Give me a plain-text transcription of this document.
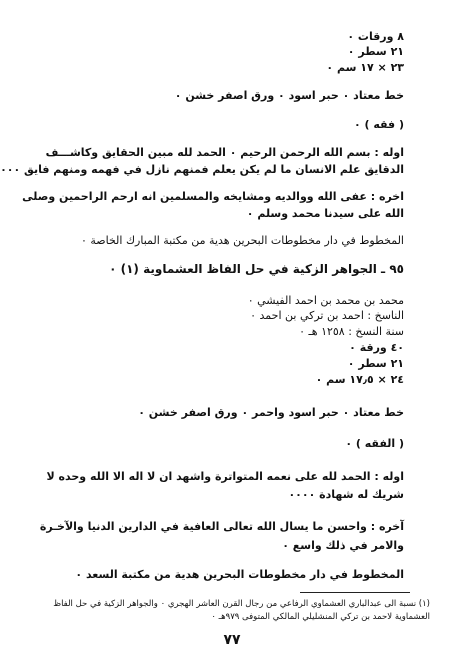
٨ ورقات ٠
٢١ سطر ٠
٢٣ × ١٧ سم ٠
خط معتاد ٠ حبر اسود ٠ ورق اصفر خشن ٠
( فقه ) ٠
اوله : بسم الله الرحمن الرحيم ٠ الحمد لله مبين الحقايق وكاشـــف
الدقايق علم الانسان ما لم يكن يعلم فمنهم نازل في فهمه ومنهم فايق ٠٠٠
اخره : عفى الله ووالديه ومشايخه والمسلمين انه ارحم الراحمين وصلى
الله على سيدنا محمد وسلم ٠
المخطوط في دار مخطوطات البحرين هدية من مكتبة المبارك الخاصة ٠
٩٥ ـ الجواهر الزكية في حل الفاظ العشماوية (١) ٠
محمد بن محمد بن احمد الفيشي ٠
الناسخ : احمد بن تركي بن احمد ٠
سنة النسخ : ١٢٥٨ هـ ٠
٤٠ ورقة ٠
٢١ سطر ٠
٢٤ × ١٧٫٥ سم ٠
خط معتاد ٠ حبر اسود واحمر ٠ ورق اصفر خشن ٠
( الفقه ) ٠
اوله : الحمد لله على نعمه المتواترة واشهد ان لا اله الا الله وحده لا
شريك له شهادة ٠٠٠٠
آخره : واحسن ما يسال الله تعالى العافية في الدارين الدنيا والآخـرة
والامر في ذلك واسع ٠
المخطوط في دار مخطوطات البحرين هدية من مكتبة السعد ٠
(١) نسبة الى عبدالباري العشماوي الرفاعي من رجال القرن العاشر الهجري ٠ والجواهر الزكية في حل الفاظ
العشماوية لاحمد بن تركي المنشليلي المالكي المتوفى ٩٧٩هـ ٠
٧٧
